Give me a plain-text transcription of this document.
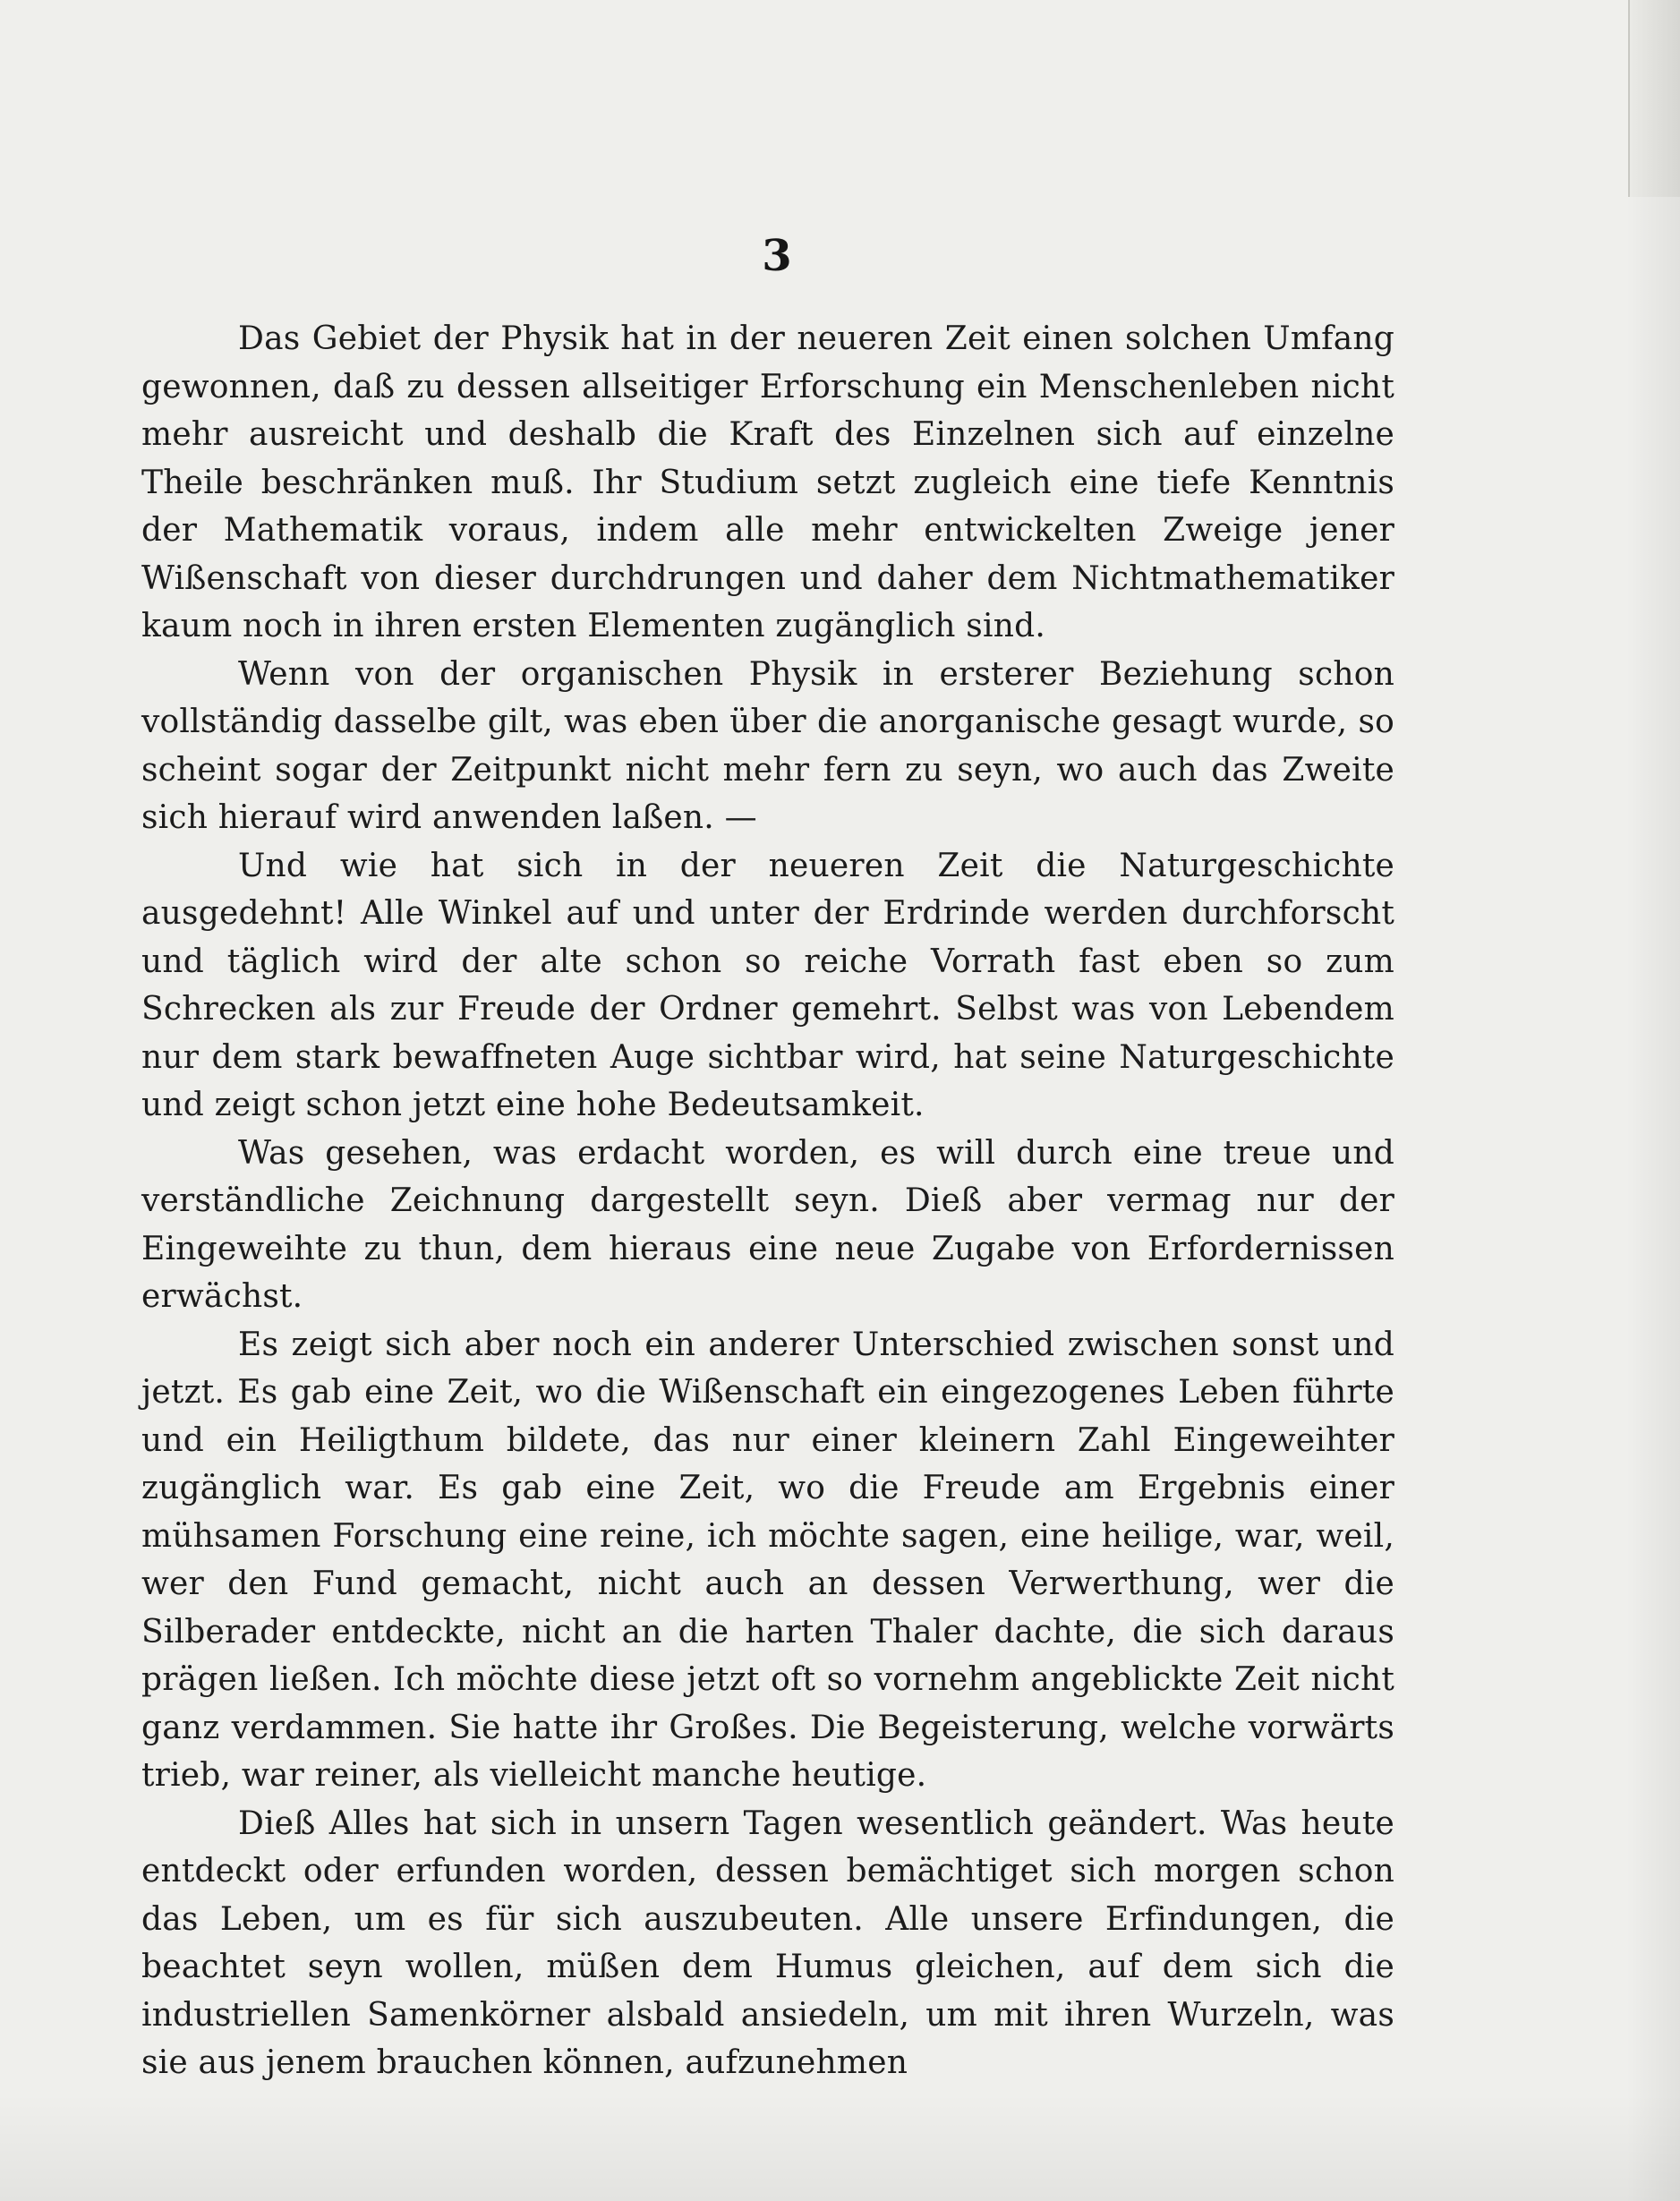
3

Das Gebiet der Physik hat in der neueren Zeit einen solchen Umfang gewonnen, daß zu dessen allseitiger Erforschung ein Menschenleben nicht mehr ausreicht und deshalb die Kraft des Einzelnen sich auf einzelne Theile beschränken muß. Ihr Studium setzt zugleich eine tiefe Kenntnis der Mathematik voraus, indem alle mehr entwickelten Zweige jener Wißenschaft von dieser durchdrungen und daher dem Nichtmathematiker kaum noch in ihren ersten Elementen zugänglich sind.

Wenn von der organischen Physik in ersterer Beziehung schon vollständig dasselbe gilt, was eben über die anorganische gesagt wurde, so scheint sogar der Zeitpunkt nicht mehr fern zu seyn, wo auch das Zweite sich hierauf wird anwenden laßen. —

Und wie hat sich in der neueren Zeit die Naturgeschichte ausgedehnt! Alle Winkel auf und unter der Erdrinde werden durchforscht und täglich wird der alte schon so reiche Vorrath fast eben so zum Schrecken als zur Freude der Ordner gemehrt. Selbst was von Lebendem nur dem stark bewaffneten Auge sichtbar wird, hat seine Naturgeschichte und zeigt schon jetzt eine hohe Bedeutsamkeit.

Was gesehen, was erdacht worden, es will durch eine treue und verständliche Zeichnung dargestellt seyn. Dieß aber vermag nur der Eingeweihte zu thun, dem hieraus eine neue Zugabe von Erfordernissen erwächst.

Es zeigt sich aber noch ein anderer Unterschied zwischen sonst und jetzt. Es gab eine Zeit, wo die Wißenschaft ein eingezogenes Leben führte und ein Heiligthum bildete, das nur einer kleinern Zahl Eingeweihter zugänglich war. Es gab eine Zeit, wo die Freude am Ergebnis einer mühsamen Forschung eine reine, ich möchte sagen, eine heilige, war, weil, wer den Fund gemacht, nicht auch an dessen Verwerthung, wer die Silberader entdeckte, nicht an die harten Thaler dachte, die sich daraus prägen ließen. Ich möchte diese jetzt oft so vornehm angeblickte Zeit nicht ganz verdammen. Sie hatte ihr Großes. Die Begeisterung, welche vorwärts trieb, war reiner, als vielleicht manche heutige.

Dieß Alles hat sich in unsern Tagen wesentlich geändert. Was heute entdeckt oder erfunden worden, dessen bemächtiget sich morgen schon das Leben, um es für sich auszubeuten. Alle unsere Erfindungen, die beachtet seyn wollen, müßen dem Humus gleichen, auf dem sich die industriellen Samenkörner alsbald ansiedeln, um mit ihren Wurzeln, was sie aus jenem brauchen können, aufzunehmen
